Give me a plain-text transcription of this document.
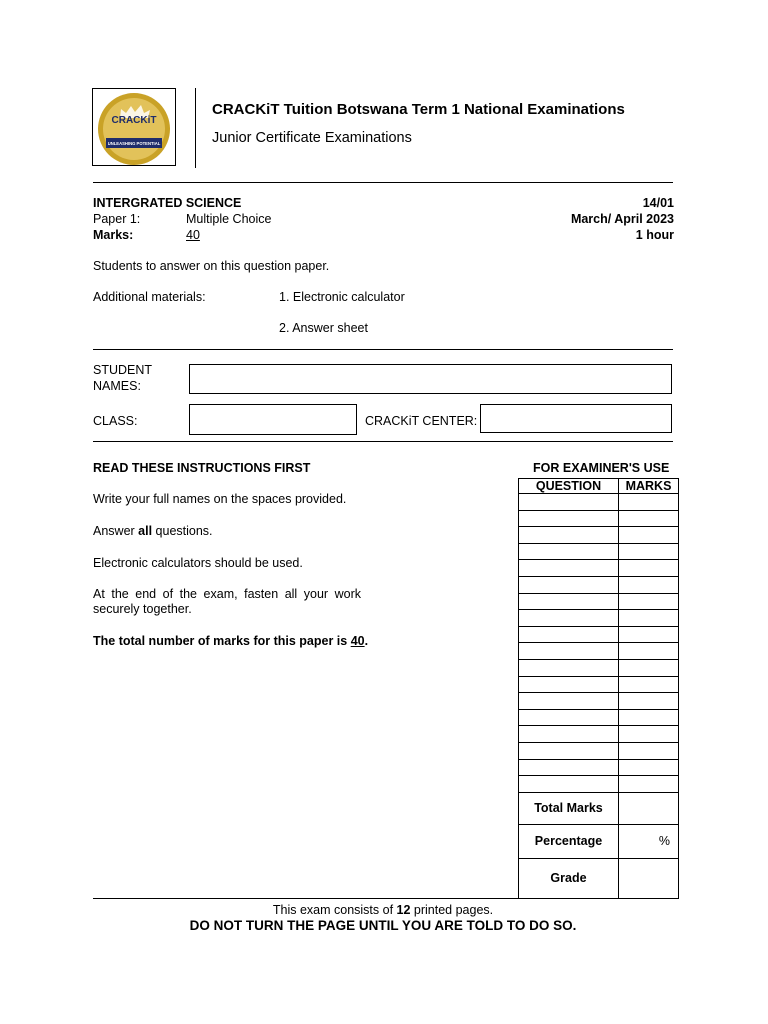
CRACKiT
UNLEASHING POTENTIAL
CRACKiT Tuition Botswana Term 1 National Examinations
Junior Certificate Examinations
INTERGRATED SCIENCE	14/01
Paper 1:	Multiple Choice	March/ April 2023
Marks:	40	1 hour
Students to answer on this question paper.
Additional materials:	1. Electronic calculator
2. Answer sheet
STUDENT
NAMES:
CLASS:	CRACKiT CENTER:
READ THESE INSTRUCTIONS FIRST
Write your full names on the spaces provided.
Answer all questions.
Electronic calculators should be used.
At the end of the exam, fasten all your work securely together.
The total number of marks for this paper is 40.
FOR EXAMINER'S USE
QUESTION	MARKS

Total Marks	
Percentage	%
Grade	
This exam consists of 12 printed pages.
DO NOT TURN THE PAGE UNTIL YOU ARE TOLD TO DO SO.
